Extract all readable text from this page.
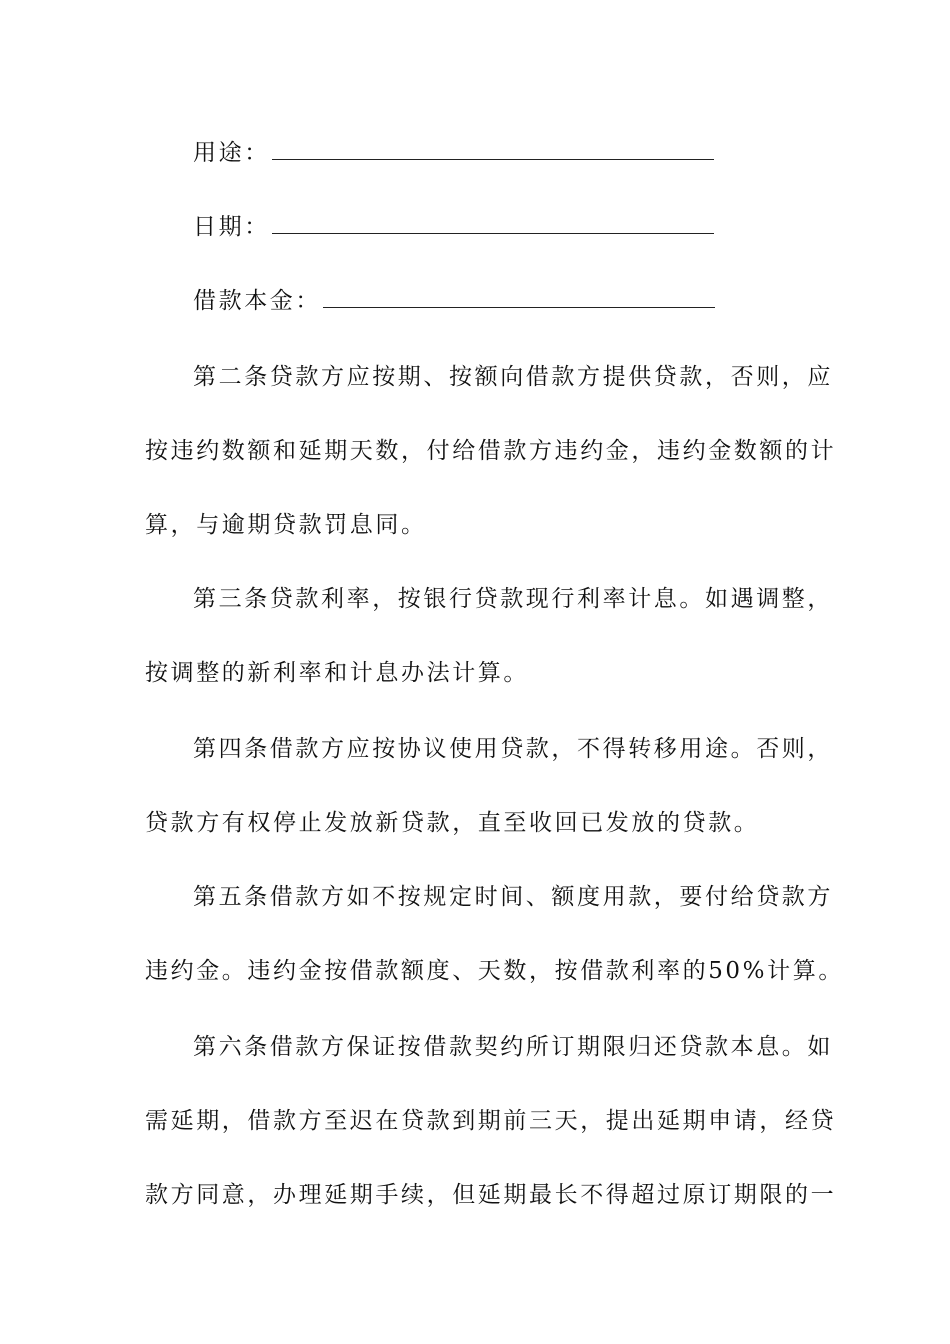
用途：
日期：
借款本金：
第二条贷款方应按期、按额向借款方提供贷款，否则，应
按违约数额和延期天数，付给借款方违约金，违约金数额的计
算，与逾期贷款罚息同。
第三条贷款利率，按银行贷款现行利率计息。如遇调整，
按调整的新利率和计息办法计算。
第四条借款方应按协议使用贷款，不得转移用途。否则，
贷款方有权停止发放新贷款，直至收回已发放的贷款。
第五条借款方如不按规定时间、额度用款，要付给贷款方
违约金。违约金按借款额度、天数，按借款利率的50%计算。
第六条借款方保证按借款契约所订期限归还贷款本息。如
需延期，借款方至迟在贷款到期前三天，提出延期申请，经贷
款方同意，办理延期手续，但延期最长不得超过原订期限的一
